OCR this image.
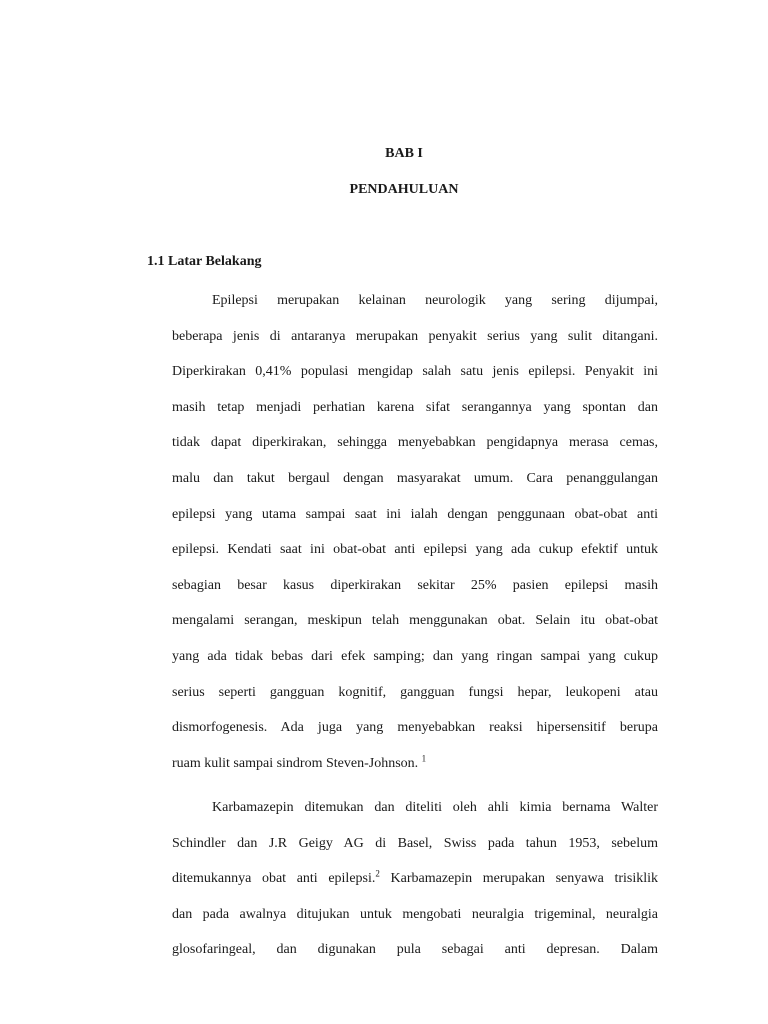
BAB I
PENDAHULUAN
1.1 Latar Belakang
Epilepsi merupakan kelainan neurologik yang sering dijumpai,
beberapa jenis di antaranya merupakan penyakit serius yang sulit ditangani.
Diperkirakan 0,41% populasi mengidap salah satu jenis epilepsi. Penyakit ini
masih tetap menjadi perhatian karena sifat serangannya yang spontan dan
tidak dapat diperkirakan, sehingga menyebabkan pengidapnya merasa cemas,
malu dan takut bergaul dengan masyarakat umum. Cara penanggulangan
epilepsi yang utama sampai saat ini ialah dengan penggunaan obat-obat anti
epilepsi. Kendati saat ini obat-obat anti epilepsi yang ada cukup efektif untuk
sebagian besar kasus diperkirakan sekitar 25% pasien epilepsi masih
mengalami serangan, meskipun telah menggunakan obat. Selain itu obat-obat
yang ada tidak bebas dari efek samping; dan yang ringan sampai yang cukup
serius seperti gangguan kognitif, gangguan fungsi hepar, leukopeni atau
dismorfogenesis. Ada juga yang menyebabkan reaksi hipersensitif berupa
ruam kulit sampai sindrom Steven-Johnson. $^1$
Karbamazepin ditemukan dan diteliti oleh ahli kimia bernama Walter
Schindler dan J.R Geigy AG di Basel, Swiss pada tahun 1953, sebelum
ditemukannya obat anti epilepsi.$^2$ Karbamazepin merupakan senyawa trisiklik
dan pada awalnya ditujukan untuk mengobati neuralgia trigeminal, neuralgia
glosofaringeal, dan digunakan pula sebagai anti depresan. Dalam
